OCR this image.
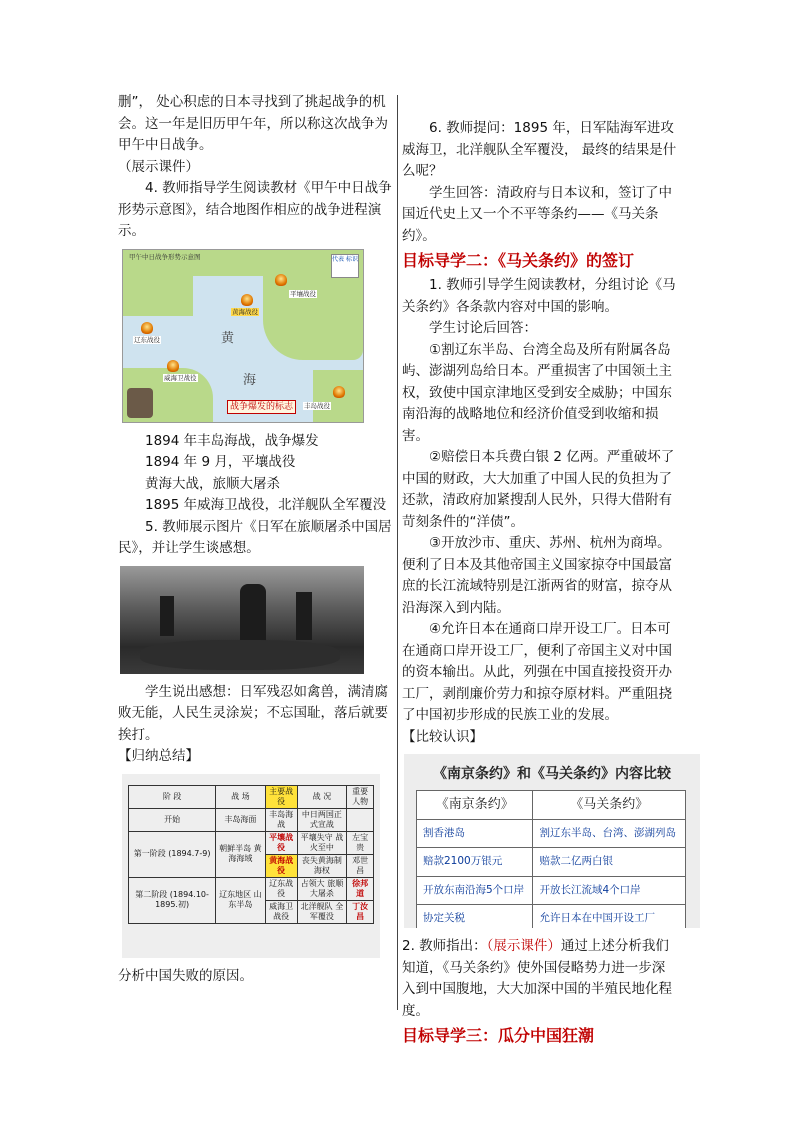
删”， 处心积虑的日本寻找到了挑起战争的机会。这一年是旧历甲午年，所以称这次战争为甲午中日战争。

（展示课件）

4. 教师指导学生阅读教材《甲午中日战争形势示意图》，结合地图作相应的战争进程演示。

甲午中日战争形势示意图	代表 标识
黄
海
黄海战役
平壤战役
辽东战役
威海卫战役
丰岛战役
战争爆发的标志

1894 年丰岛海战，战争爆发

1894 年 9 月，平壤战役

黄海大战，旅顺大屠杀

1895 年威海卫战役，北洋舰队全军覆没

5. 教师展示图片《日军在旅顺屠杀中国居民》，并让学生谈感想。

学生说出感想：日军残忍如禽兽，满清腐败无能，人民生灵涂炭；不忘国耻，落后就要挨打。

【归纳总结】

阶 段	战 场	主要战役	战 况	重要人物
开始	丰岛海面	丰岛海战	中日两国正式宣战	
第一阶段 (1894.7-9)	朝鲜半岛 黄海海域	平壤战役	平壤失守 战火至中	左宝贵
		黄海战役	丧失黄海制海权	邓世昌
第二阶段 (1894.10-1895.初)	辽东地区 山东半岛	辽东战役	占领大 旅顺大屠杀	徐邦道
		威海卫战役	北洋舰队 全军覆没	丁汝昌

分析中国失败的原因。

6. 教师提问：1895 年，日军陆海军进攻威海卫，北洋舰队全军覆没， 最终的结果是什么呢？

学生回答：清政府与日本议和，签订了中国近代史上又一个不平等条约——《马关条约》。

目标导学二：《马关条约》的签订

1. 教师引导学生阅读教材，分组讨论《马关条约》各条款内容对中国的影响。

学生讨论后回答：

①割辽东半岛、台湾全岛及所有附属各岛屿、澎湖列岛给日本。严重损害了中国领土主权，致使中国京津地区受到安全威胁；中国东南沿海的战略地位和经济价值受到收缩和损害。

②赔偿日本兵费白银 2 亿两。严重破坏了中国的财政，大大加重了中国人民的负担为了还款，清政府加紧搜刮人民外，只得大借附有苛刻条件的“洋债”。

③开放沙市、重庆、苏州、杭州为商埠。便利了日本及其他帝国主义国家掠夺中国最富庶的长江流域特别是江浙两省的财富，掠夺从沿海深入到内陆。

④允许日本在通商口岸开设工厂。日本可在通商口岸开设工厂，便利了帝国主义对中国的资本输出。从此，列强在中国直接投资开办工厂，剥削廉价劳力和掠夺原材料。严重阻挠了中国初步形成的民族工业的发展。

【比较认识】

《南京条约》和《马关条约》内容比较
《南京条约》	《马关条约》
割香港岛	割辽东半岛、台湾、澎湖列岛
赔款2100万银元	赔款二亿两白银
开放东南沿海5个口岸	开放长江流域4个口岸
协定关税	允许日本在中国开设工厂

2. 教师指出：（展示课件）通过上述分析我们知道，《马关条约》使外国侵略势力进一步深入到中国腹地，大大加深中国的半殖民地化程度。

目标导学三：瓜分中国狂潮
